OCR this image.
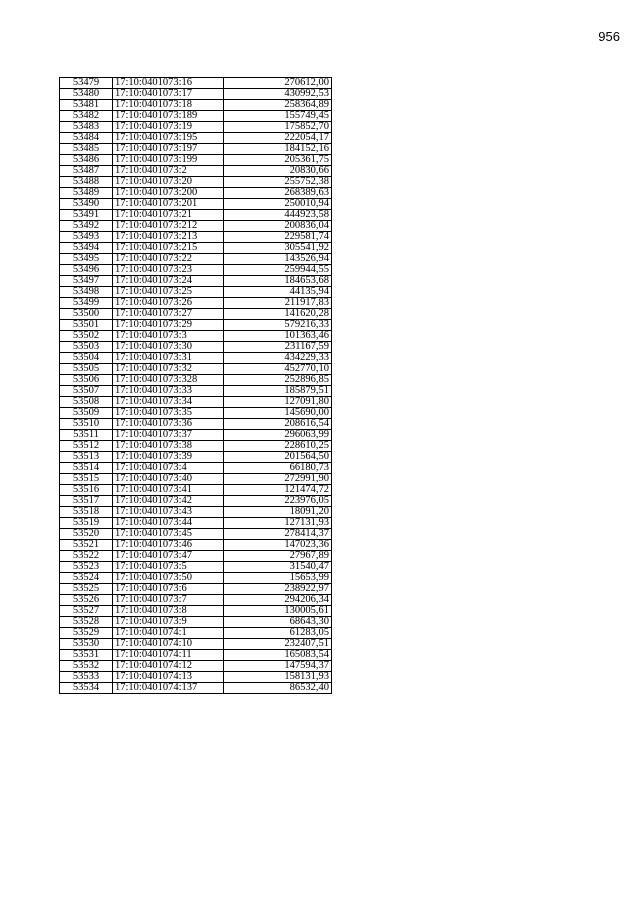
956
53479	17:10:0401073:16	270612,00
53480	17:10:0401073:17	430992,53
53481	17:10:0401073:18	258364,89
53482	17:10:0401073:189	155749,45
53483	17:10:0401073:19	175852,70
53484	17:10:0401073:195	222054,17
53485	17:10:0401073:197	184152,16
53486	17:10:0401073:199	205361,75
53487	17:10:0401073:2	20830,66
53488	17:10:0401073:20	255752,38
53489	17:10:0401073:200	268389,63
53490	17:10:0401073:201	250010,94
53491	17:10:0401073:21	444923,58
53492	17:10:0401073:212	200836,04
53493	17:10:0401073:213	229581,74
53494	17:10:0401073:215	305541,92
53495	17:10:0401073:22	143526,94
53496	17:10:0401073:23	259944,55
53497	17:10:0401073:24	184653,68
53498	17:10:0401073:25	44135,94
53499	17:10:0401073:26	211917,83
53500	17:10:0401073:27	141620,28
53501	17:10:0401073:29	579216,33
53502	17:10:0401073:3	101363,46
53503	17:10:0401073:30	231167,59
53504	17:10:0401073:31	434229,33
53505	17:10:0401073:32	452770,10
53506	17:10:0401073:328	252896,85
53507	17:10:0401073:33	185879,51
53508	17:10:0401073:34	127091,80
53509	17:10:0401073:35	145690,00
53510	17:10:0401073:36	208616,54
53511	17:10:0401073:37	296063,99
53512	17:10:0401073:38	228610,25
53513	17:10:0401073:39	201564,50
53514	17:10:0401073:4	66180,73
53515	17:10:0401073:40	272991,90
53516	17:10:0401073:41	121474,72
53517	17:10:0401073:42	223976,05
53518	17:10:0401073:43	18091,20
53519	17:10:0401073:44	127131,93
53520	17:10:0401073:45	278414,37
53521	17:10:0401073:46	147023,36
53522	17:10:0401073:47	27967,89
53523	17:10:0401073:5	31540,47
53524	17:10:0401073:50	15653,99
53525	17:10:0401073:6	238922,97
53526	17:10:0401073:7	294206,34
53527	17:10:0401073:8	130005,61
53528	17:10:0401073:9	68643,30
53529	17:10:0401074:1	61283,05
53530	17:10:0401074:10	232407,51
53531	17:10:0401074:11	165083,54
53532	17:10:0401074:12	147594,37
53533	17:10:0401074:13	158131,93
53534	17:10:0401074:137	86532,40
